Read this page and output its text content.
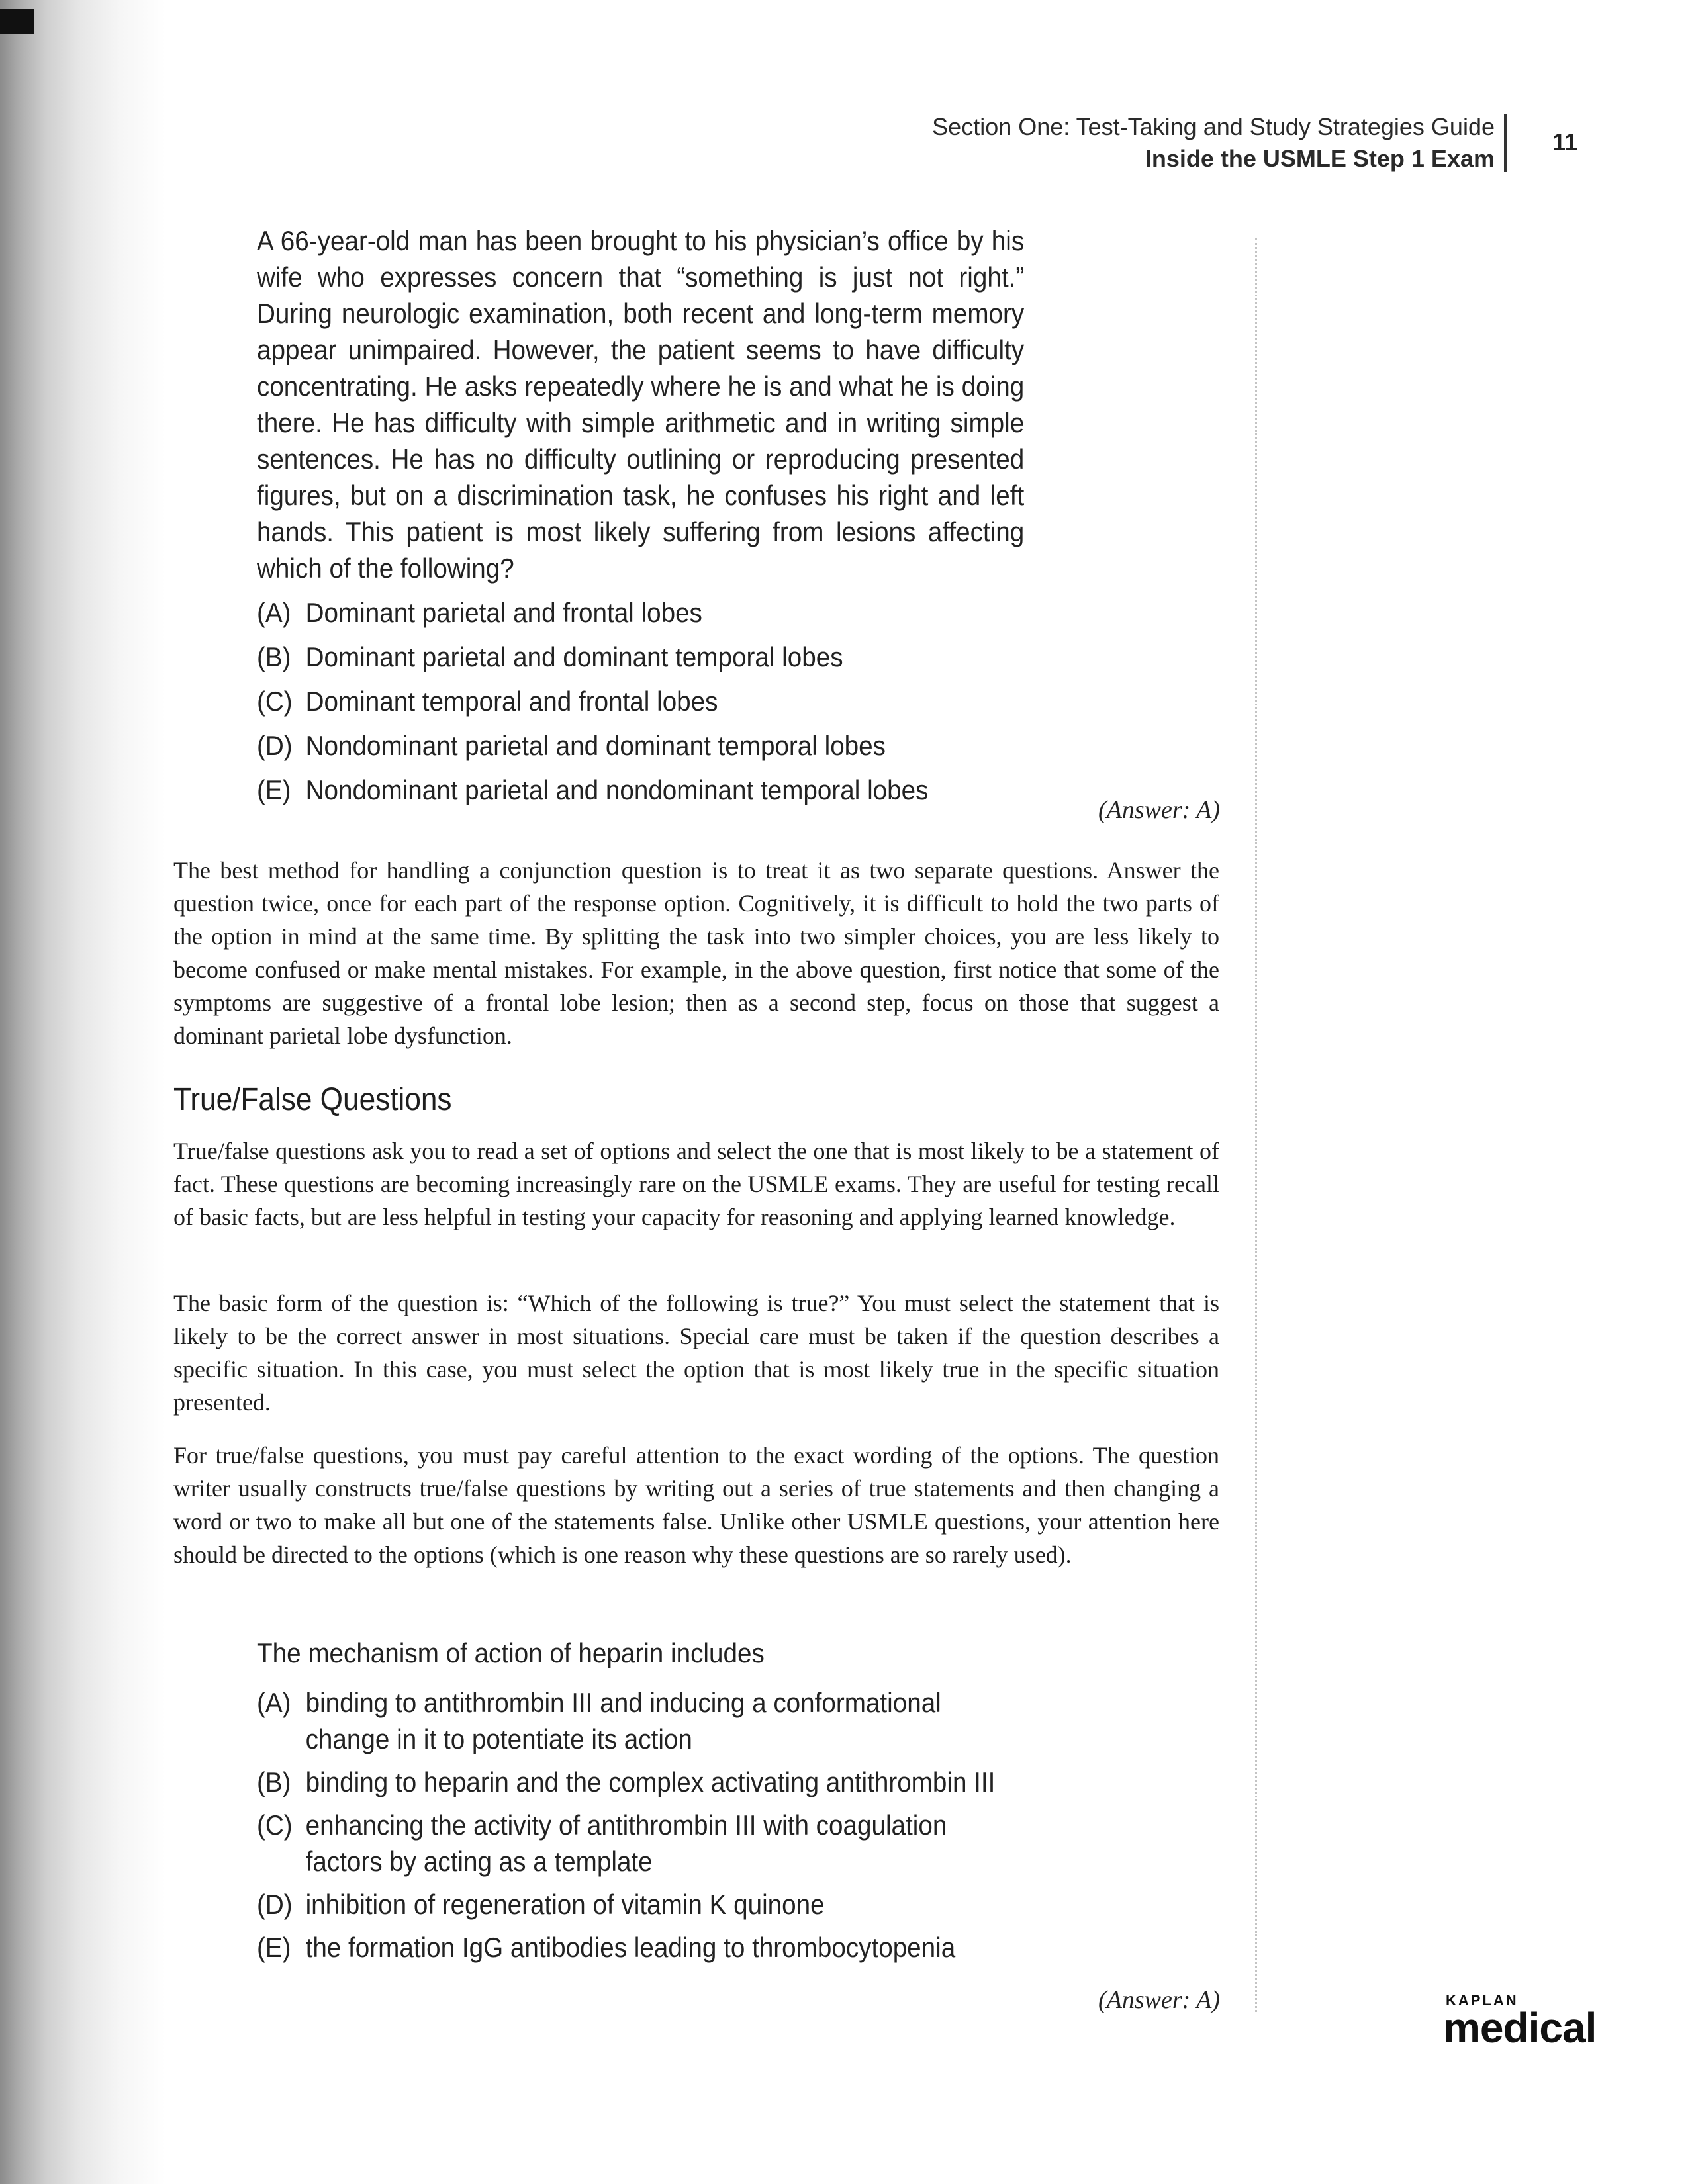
Section One: Test-Taking and Study Strategies Guide
Inside the USMLE Step 1 Exam
11

A 66-year-old man has been brought to his physician’s office by his wife who expresses concern that “something is just not right.” During neurologic examination, both recent and long-term memory appear unimpaired. However, the patient seems to have difficulty concentrating. He asks repeatedly where he is and what he is doing there. He has difficulty with simple arithmetic and in writing simple sentences. He has no difficulty outlining or reproducing presented figures, but on a discrimination task, he confuses his right and left hands. This patient is most likely suffering from lesions affecting which of the following?

(A) Dominant parietal and frontal lobes
(B) Dominant parietal and dominant temporal lobes
(C) Dominant temporal and frontal lobes
(D) Nondominant parietal and dominant temporal lobes
(E) Nondominant parietal and nondominant temporal lobes
(Answer: A)

The best method for handling a conjunction question is to treat it as two separate questions. Answer the question twice, once for each part of the response option. Cognitively, it is difficult to hold the two parts of the option in mind at the same time. By splitting the task into two simpler choices, you are less likely to become confused or make mental mistakes. For example, in the above question, first notice that some of the symptoms are suggestive of a frontal lobe lesion; then as a second step, focus on those that suggest a dominant parietal lobe dysfunction.

True/False Questions

True/false questions ask you to read a set of options and select the one that is most likely to be a statement of fact. These questions are becoming increasingly rare on the USMLE exams. They are useful for testing recall of basic facts, but are less helpful in testing your capacity for reasoning and applying learned knowledge.

The basic form of the question is: “Which of the following is true?” You must select the statement that is likely to be the correct answer in most situations. Special care must be taken if the question describes a specific situation. In this case, you must select the option that is most likely true in the specific situation presented.

For true/false questions, you must pay careful attention to the exact wording of the options. The question writer usually constructs true/false questions by writing out a series of true statements and then changing a word or two to make all but one of the statements false. Unlike other USMLE questions, your attention here should be directed to the options (which is one reason why these questions are so rarely used).

The mechanism of action of heparin includes

(A) binding to antithrombin III and inducing a conformational change in it to potentiate its action
(B) binding to heparin and the complex activating antithrombin III
(C) enhancing the activity of antithrombin III with coagulation factors by acting as a template
(D) inhibition of regeneration of vitamin K quinone
(E) the formation IgG antibodies leading to thrombocytopenia
(Answer: A)	KAPLAN
medical
